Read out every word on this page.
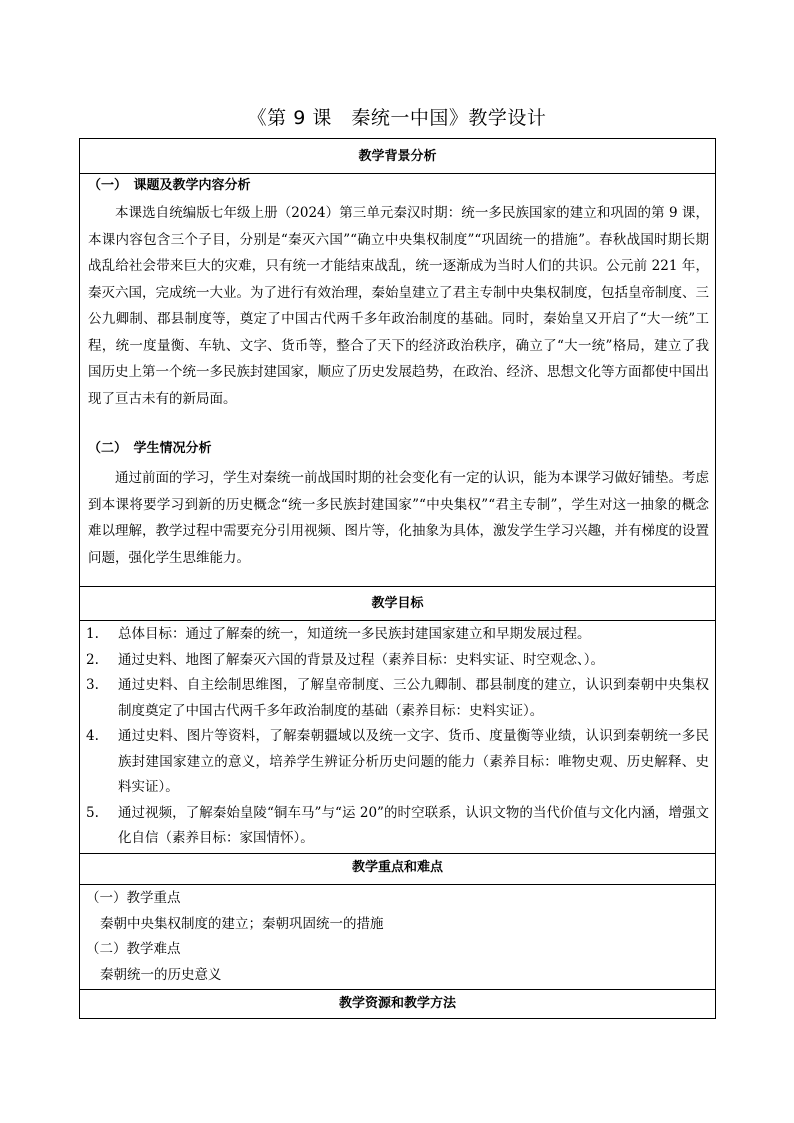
《第 9 课　秦统一中国》教学设计
教学背景分析

（一）　课题及教学内容分析

本课选自统编版七年级上册（2024）第三单元秦汉时期：统一多民族国家的建立和巩固的第 9 课，本课内容包含三个子目，分别是“秦灭六国”“确立中央集权制度”“巩固统一的措施”。春秋战国时期长期战乱给社会带来巨大的灾难，只有统一才能结束战乱，统一逐渐成为当时人们的共识。公元前 221 年，秦灭六国，完成统一大业。为了进行有效治理，秦始皇建立了君主专制中央集权制度，包括皇帝制度、三公九卿制、郡县制度等，奠定了中国古代两千多年政治制度的基础。同时，秦始皇又开启了“大一统”工程，统一度量衡、车轨、文字、货币等，整合了天下的经济政治秩序，确立了“大一统”格局，建立了我国历史上第一个统一多民族封建国家，顺应了历史发展趋势，在政治、经济、思想文化等方面都使中国出现了亘古未有的新局面。

（二）　学生情况分析

通过前面的学习，学生对秦统一前战国时期的社会变化有一定的认识，能为本课学习做好铺垫。考虑到本课将要学习到新的历史概念“统一多民族封建国家”“中央集权”“君主专制”，学生对这一抽象的概念难以理解，教学过程中需要充分引用视频、图片等，化抽象为具体，激发学生学习兴趣，并有梯度的设置问题，强化学生思维能力。

教学目标
1. 总体目标：通过了解秦的统一，知道统一多民族封建国家建立和早期发展过程。
2. 通过史料、地图了解秦灭六国的背景及过程（素养目标：史料实证、时空观念、）。
3. 通过史料、自主绘制思维图，了解皇帝制度、三公九卿制、郡县制度的建立，认识到秦朝中央集权制度奠定了中国古代两千多年政治制度的基础（素养目标：史料实证）。
4. 通过史料、图片等资料，了解秦朝疆域以及统一文字、货币、度量衡等业绩，认识到秦朝统一多民族封建国家建立的意义，培养学生辨证分析历史问题的能力（素养目标：唯物史观、历史解释、史料实证）。
5. 通过视频，了解秦始皇陵“铜车马”与“运 20”的时空联系，认识文物的当代价值与文化内涵，增强文化自信（素养目标：家国情怀）。
教学重点和难点

（一）教学重点

秦朝中央集权制度的建立；秦朝巩固统一的措施

（二）教学难点

秦朝统一的历史意义

教学资源和教学方法
